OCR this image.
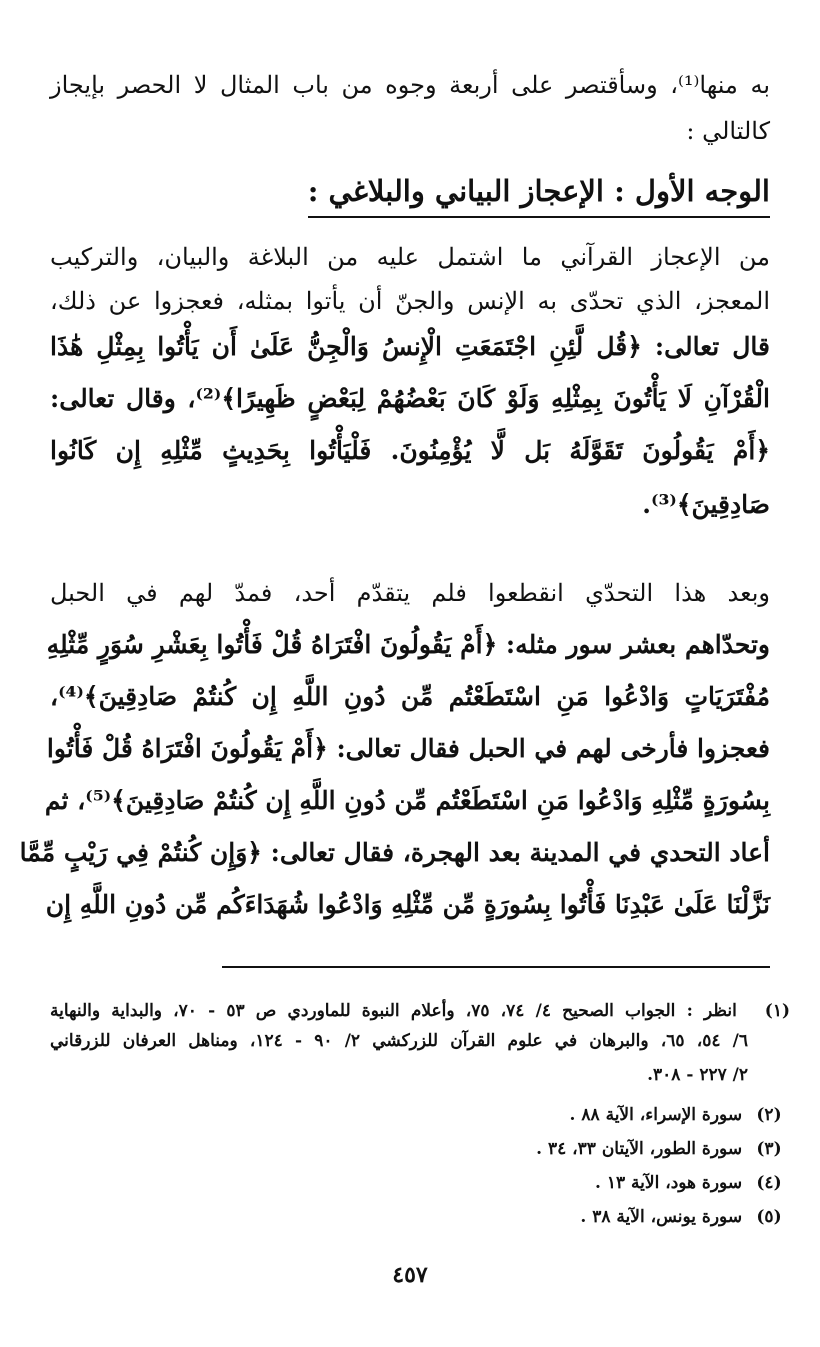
به منها⁽¹⁾، وسأقتصر على أربعة وجوه من باب المثال لا الحصر بإيجاز
كالتالي :
الوجه الأول : الإعجاز البياني والبلاغي :
من الإعجاز القرآني ما اشتمل عليه من البلاغة والبيان، والتركيب
المعجز، الذي تحدّى به الإنس والجنّ أن يأتوا بمثله، فعجزوا عن ذلك،
قال تعالى: ﴿قُل لَّئِنِ اجْتَمَعَتِ الْإِنسُ وَالْجِنُّ عَلَىٰ أَن يَأْتُوا بِمِثْلِ هَٰذَا
الْقُرْآنِ لَا يَأْتُونَ بِمِثْلِهِ وَلَوْ كَانَ بَعْضُهُمْ لِبَعْضٍ ظَهِيرًا﴾⁽²⁾، وقال تعالى:
﴿أَمْ يَقُولُونَ تَقَوَّلَهُ بَل لَّا يُؤْمِنُونَ. فَلْيَأْتُوا بِحَدِيثٍ مِّثْلِهِ إِن كَانُوا
صَادِقِينَ﴾⁽³⁾.
وبعد هذا التحدّي انقطعوا فلم يتقدّم أحد، فمدّ لهم في الحبل
وتحدّاهم بعشر سور مثله: ﴿أَمْ يَقُولُونَ افْتَرَاهُ قُلْ فَأْتُوا بِعَشْرِ سُوَرٍ مِّثْلِهِ
مُفْتَرَيَاتٍ وَادْعُوا مَنِ اسْتَطَعْتُم مِّن دُونِ اللَّهِ إِن كُنتُمْ صَادِقِينَ﴾⁽⁴⁾،
فعجزوا فأرخى لهم في الحبل فقال تعالى: ﴿أَمْ يَقُولُونَ افْتَرَاهُ قُلْ فَأْتُوا
بِسُورَةٍ مِّثْلِهِ وَادْعُوا مَنِ اسْتَطَعْتُم مِّن دُونِ اللَّهِ إِن كُنتُمْ صَادِقِينَ﴾⁽⁵⁾، ثم
أعاد التحدي في المدينة بعد الهجرة، فقال تعالى: ﴿وَإِن كُنتُمْ فِي رَيْبٍ مِّمَّا
نَزَّلْنَا عَلَىٰ عَبْدِنَا فَأْتُوا بِسُورَةٍ مِّن مِّثْلِهِ وَادْعُوا شُهَدَاءَكُم مِّن دُونِ اللَّهِ إِن
(١) انظر : الجواب الصحيح ٤/ ٧٤، ٧٥، وأعلام النبوة للماوردي ص ٥٣ - ٧٠، والبداية والنهاية
٦/ ٥٤، ٦٥، والبرهان في علوم القرآن للزركشي ٢/ ٩٠ - ١٢٤، ومناهل العرفان للزرقاني
٢/ ٢٢٧ - ٣٠٨.
(٢) سورة الإسراء، الآية ٨٨ .
(٣) سورة الطور، الآيتان ٣٣، ٣٤ .
(٤) سورة هود، الآية ١٣ .
(٥) سورة يونس، الآية ٣٨ .
٤٥٧
